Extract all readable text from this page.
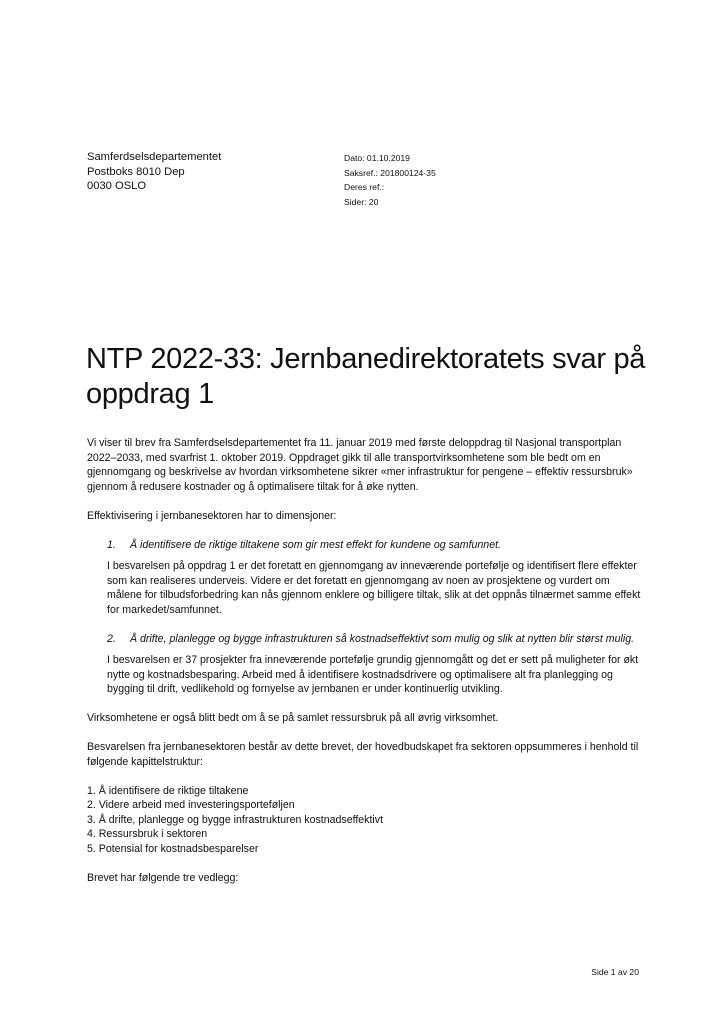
Samferdselsdepartementet
Postboks 8010 Dep
0030 OSLO
Dato: 01.10.2019
Saksref.: 201800124-35
Deres ref.:
Sider: 20
NTP 2022-33: Jernbanedirektoratets svar på oppdrag 1

Vi viser til brev fra Samferdselsdepartementet fra 11. januar 2019 med første deloppdrag til Nasjonal transportplan 2022–2033, med svarfrist 1. oktober 2019. Oppdraget gikk til alle transportvirksomhetene som ble bedt om en gjennomgang og beskrivelse av hvordan virksomhetene sikrer «mer infrastruktur for pengene – effektiv ressursbruk» gjennom å redusere kostnader og å optimalisere tiltak for å øke nytten.

Effektivisering i jernbanesektoren har to dimensjoner:

1.	Å identifisere de riktige tiltakene som gir mest effekt for kundene og samfunnet.

I besvarelsen på oppdrag 1 er det foretatt en gjennomgang av inneværende portefølje og identifisert flere effekter som kan realiseres underveis. Videre er det foretatt en gjennomgang av noen av prosjektene og vurdert om målene for tilbudsforbedring kan nås gjennom enklere og billigere tiltak, slik at det oppnås tilnærmet samme effekt for markedet/samfunnet.

2.	Å drifte, planlegge og bygge infrastrukturen så kostnadseffektivt som mulig og slik at nytten blir størst mulig.

I besvarelsen er 37 prosjekter fra inneværende portefølje grundig gjennomgått og det er sett på muligheter for økt nytte og kostnadsbesparing. Arbeid med å identifisere kostnadsdrivere og optimalisere alt fra planlegging og bygging til drift, vedlikehold og fornyelse av jernbanen er under kontinuerlig utvikling.

Virksomhetene er også blitt bedt om å se på samlet ressursbruk på all øvrig virksomhet.

Besvarelsen fra jernbanesektoren består av dette brevet, der hovedbudskapet fra sektoren oppsummeres i henhold til følgende kapittelstruktur:

1. Å identifisere de riktige tiltakene
2. Videre arbeid med investeringsporteføljen
3. Å drifte, planlegge og bygge infrastrukturen kostnadseffektivt
4. Ressursbruk i sektoren
5. Potensial for kostnadsbesparelser

Brevet har følgende tre vedlegg:

Side 1 av 20
